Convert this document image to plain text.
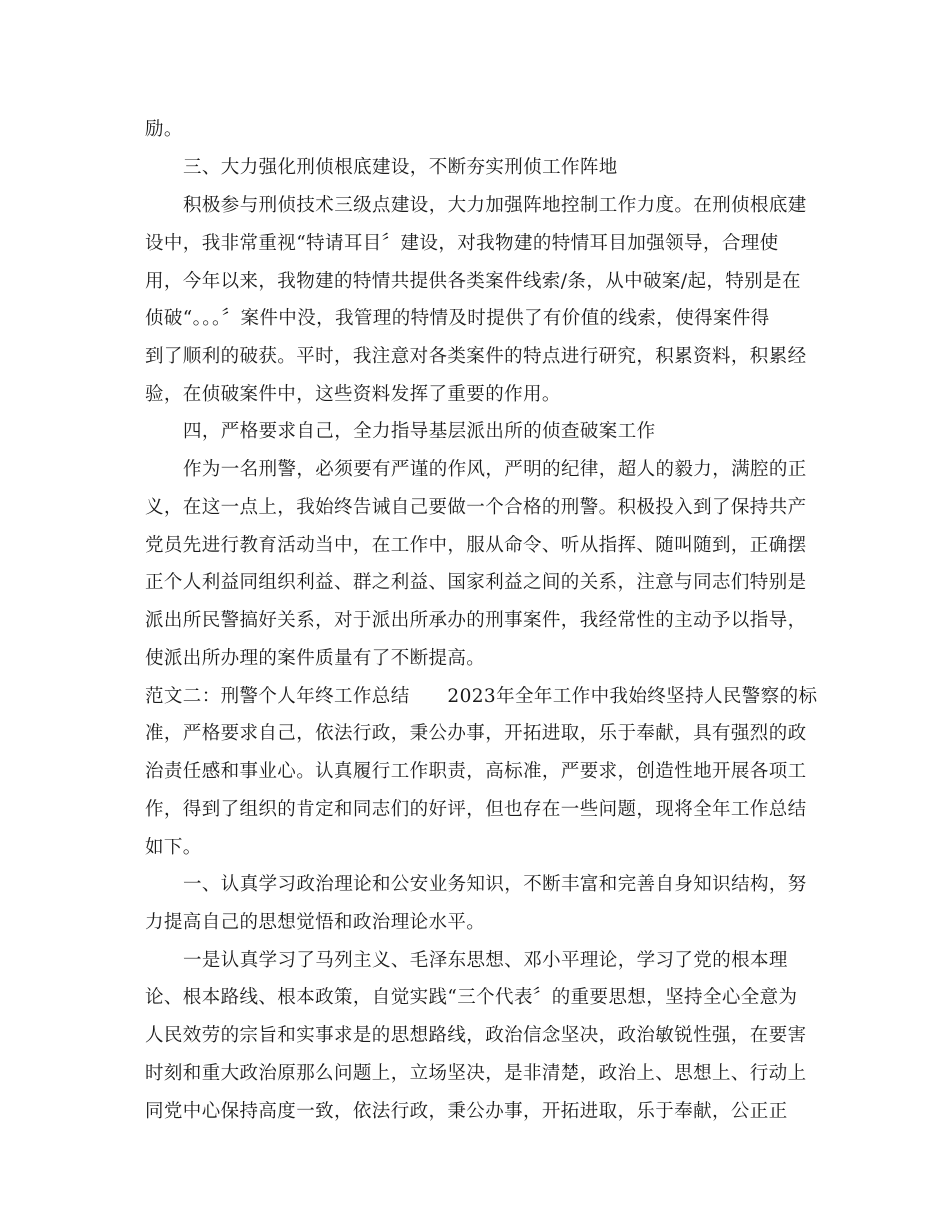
励。
三、大力强化刑侦根底建设，不断夯实刑侦工作阵地
积极参与刑侦技术三级点建设，大力加强阵地控制工作力度。在刑侦根底建
设中，我非常重视“特请耳目〞建设，对我物建的特情耳目加强领导，合理使
用，今年以来，我物建的特情共提供各类案件线索/条，从中破案/起，特别是在
侦破“。。。〞案件中没，我管理的特情及时提供了有价值的线索，使得案件得
到了顺利的破获。平时，我注意对各类案件的特点进行研究，积累资料，积累经
验，在侦破案件中，这些资料发挥了重要的作用。
四，严格要求自己，全力指导基层派出所的侦查破案工作
作为一名刑警，必须要有严谨的作风，严明的纪律，超人的毅力，满腔的正
义，在这一点上，我始终告诫自己要做一个合格的刑警。积极投入到了保持共产
党员先进行教育活动当中，在工作中，服从命令、听从指挥、随叫随到，正确摆
正个人利益同组织利益、群之利益、国家利益之间的关系，注意与同志们特别是
派出所民警搞好关系，对于派出所承办的刑事案件，我经常性的主动予以指导，
使派出所办理的案件质量有了不断提高。
范文二：刑警个人年终工作总结　　2023年全年工作中我始终坚持人民警察的标
准，严格要求自己，依法行政，秉公办事，开拓进取，乐于奉献，具有强烈的政
治责任感和事业心。认真履行工作职责，高标准，严要求，创造性地开展各项工
作，得到了组织的肯定和同志们的好评，但也存在一些问题，现将全年工作总结
如下。
一、认真学习政治理论和公安业务知识，不断丰富和完善自身知识结构，努
力提高自己的思想觉悟和政治理论水平。
一是认真学习了马列主义、毛泽东思想、邓小平理论，学习了党的根本理
论、根本路线、根本政策，自觉实践“三个代表〞的重要思想，坚持全心全意为
人民效劳的宗旨和实事求是的思想路线，政治信念坚决，政治敏锐性强，在要害
时刻和重大政治原那么问题上，立场坚决，是非清楚，政治上、思想上、行动上
同党中心保持高度一致，依法行政，秉公办事，开拓进取，乐于奉献，公正正
